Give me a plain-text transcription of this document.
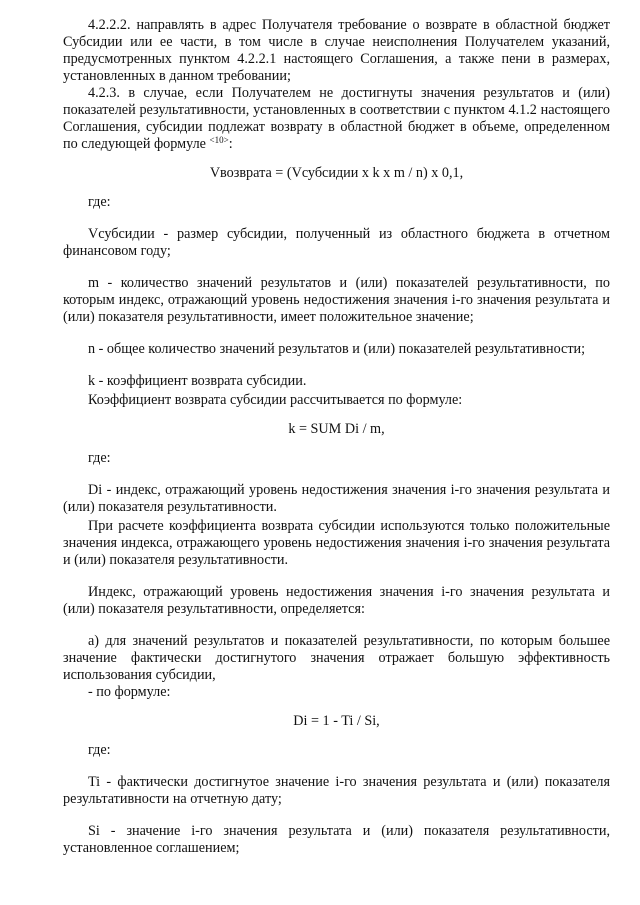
4.2.2.2. направлять в адрес Получателя требование о возврате в областной бюджет Субсидии или ее части, в том числе в случае неисполнения Получателем указаний, предусмотренных пунктом 4.2.2.1 настоящего Соглашения, а также пени в размерах, установленных в данном требовании;

4.2.3. в случае, если Получателем не достигнуты значения результатов и (или) показателей результативности, установленных в соответствии с пунктом 4.1.2 настоящего Соглашения, субсидии подлежат возврату в областной бюджет в объеме, определенном по следующей формуле $^{<10>}$:

Vвозврата = (Vсубсидии x k x m / n) x 0,1,

где:

Vсубсидии - размер субсидии, полученный из областного бюджета в отчетном финансовом году;

m - количество значений результатов и (или) показателей результативности, по которым индекс, отражающий уровень недостижения значения i-го значения результата и (или) показателя результативности, имеет положительное значение;

n - общее количество значений результатов и (или) показателей результативности;

k - коэффициент возврата субсидии.

Коэффициент возврата субсидии рассчитывается по формуле:

k = SUM Di / m,

где:

Di - индекс, отражающий уровень недостижения значения i-го значения результата и (или) показателя результативности.

При расчете коэффициента возврата субсидии используются только положительные значения индекса, отражающего уровень недостижения значения i-го значения результата и (или) показателя результативности.

Индекс, отражающий уровень недостижения значения i-го значения результата и (или) показателя результативности, определяется:

а) для значений результатов и показателей результативности, по которым большее значение фактически достигнутого значения отражает большую эффективность использования субсидии,

- по формуле:

Di = 1 - Ti / Si,

где:

Ti - фактически достигнутое значение i-го значения результата и (или) показателя результативности на отчетную дату;

Si - значение i-го значения результата и (или) показателя результативности, установленное соглашением;
